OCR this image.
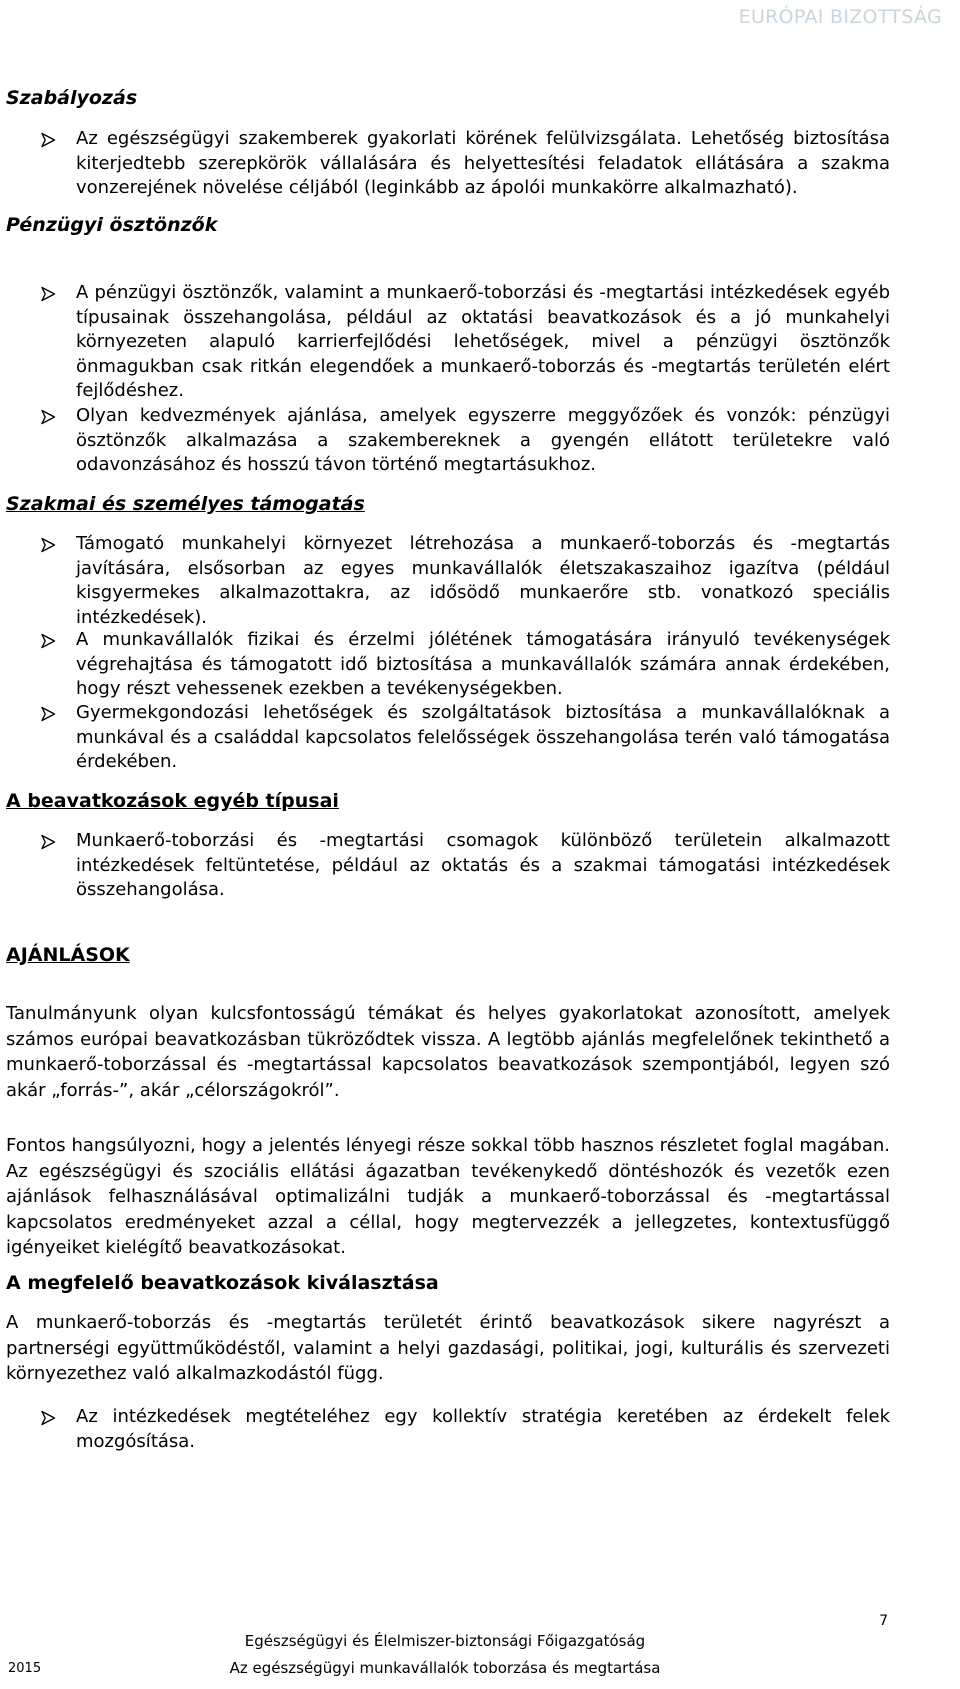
EURÓPAI BIZOTTSÁG
Szabályozás

Az egészségügyi szakemberek gyakorlati körének felülvizsgálata. Lehetőség biztosítása kiterjedtebb szerepkörök vállalására és helyettesítési feladatok ellátására a szakma vonzerejének növelése céljából (leginkább az ápolói munkakörre alkalmazható).

Pénzügyi ösztönzők

A pénzügyi ösztönzők, valamint a munkaerő-toborzási és -megtartási intézkedések egyéb típusainak összehangolása, például az oktatási beavatkozások és a jó munkahelyi környezeten alapuló karrierfejlődési lehetőségek, mivel a pénzügyi ösztönzők önmagukban csak ritkán elegendőek a munkaerő-toborzás és -megtartás területén elért fejlődéshez.

Olyan kedvezmények ajánlása, amelyek egyszerre meggyőzőek és vonzók: pénzügyi ösztönzők alkalmazása a szakembereknek a gyengén ellátott területekre való odavonzásához és hosszú távon történő megtartásukhoz.

Szakmai és személyes támogatás

Támogató munkahelyi környezet létrehozása a munkaerő-toborzás és -megtartás javítására, elsősorban az egyes munkavállalók életszakaszaihoz igazítva (például kisgyermekes alkalmazottakra, az idősödő munkaerőre stb. vonatkozó speciális intézkedések).

A munkavállalók fizikai és érzelmi jólétének támogatására irányuló tevékenységek végrehajtása és támogatott idő biztosítása a munkavállalók számára annak érdekében, hogy részt vehessenek ezekben a tevékenységekben.

Gyermekgondozási lehetőségek és szolgáltatások biztosítása a munkavállalóknak a munkával és a családdal kapcsolatos felelősségek összehangolása terén való támogatása érdekében.

A beavatkozások egyéb típusai

Munkaerő-toborzási és -megtartási csomagok különböző területein alkalmazott intézkedések feltüntetése, például az oktatás és a szakmai támogatási intézkedések összehangolása.

AJÁNLÁSOK

Tanulmányunk olyan kulcsfontosságú témákat és helyes gyakorlatokat azonosított, amelyek számos európai beavatkozásban tükröződtek vissza. A legtöbb ajánlás megfelelőnek tekinthető a munkaerő-toborzással és -megtartással kapcsolatos beavatkozások szempontjából, legyen szó akár „forrás-”, akár „célországokról”.

Fontos hangsúlyozni, hogy a jelentés lényegi része sokkal több hasznos részletet foglal magában. Az egészségügyi és szociális ellátási ágazatban tevékenykedő döntéshozók és vezetők ezen ajánlások felhasználásával optimalizálni tudják a munkaerő-toborzással és -megtartással kapcsolatos eredményeket azzal a céllal, hogy megtervezzék a jellegzetes, kontextusfüggő igényeiket kielégítő beavatkozásokat.

A megfelelő beavatkozások kiválasztása

A munkaerő-toborzás és -megtartás területét érintő beavatkozások sikere nagyrészt a partnerségi együttműködéstől, valamint a helyi gazdasági, politikai, jogi, kulturális és szervezeti környezethez való alkalmazkodástól függ.

Az intézkedések megtételéhez egy kollektív stratégia keretében az érdekelt felek mozgósítása.

7
Egészségügyi és Élelmiszer-biztonsági Főigazgatóság
Az egészségügyi munkavállalók toborzása és megtartása
2015
